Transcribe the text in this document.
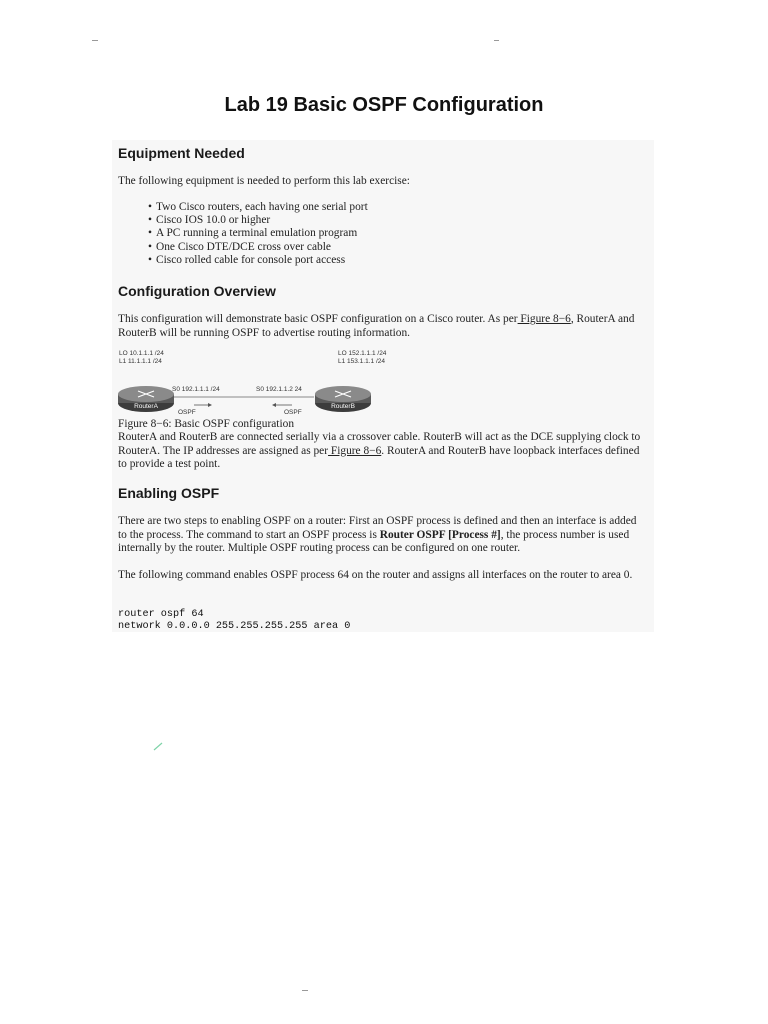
Lab 19 Basic OSPF Configuration
Equipment Needed
The following equipment is needed to perform this lab exercise:
• Two Cisco routers, each having one serial port
• Cisco IOS 10.0 or higher
• A PC running a terminal emulation program
• One Cisco DTE/DCE cross over cable
• Cisco rolled cable for console port access
Configuration Overview
This configuration will demonstrate basic OSPF configuration on a Cisco router. As per Figure 8−6, RouterA and RouterB will be running OSPF to advertise routing information.
LO 10.1.1.1 /24
L1 11.1.1.1 /24
LO 152.1.1.1 /24
L1 153.1.1.1 /24
S0 192.1.1.1 /24	S0 192.1.1.2 24
RouterA	RouterB
OSPF	OSPF
Figure 8−6: Basic OSPF configuration
RouterA and RouterB are connected serially via a crossover cable. RouterB will act as the DCE supplying clock to RouterA. The IP addresses are assigned as per Figure 8−6. RouterA and RouterB have loopback interfaces defined to provide a test point.
Enabling OSPF
There are two steps to enabling OSPF on a router: First an OSPF process is defined and then an interface is added to the process. The command to start an OSPF process is Router OSPF [Process #], the process number is used internally by the router. Multiple OSPF routing process can be configured on one router.
The following command enables OSPF process 64 on the router and assigns all interfaces on the router to area 0.
router ospf 64
network 0.0.0.0 255.255.255.255 area 0
